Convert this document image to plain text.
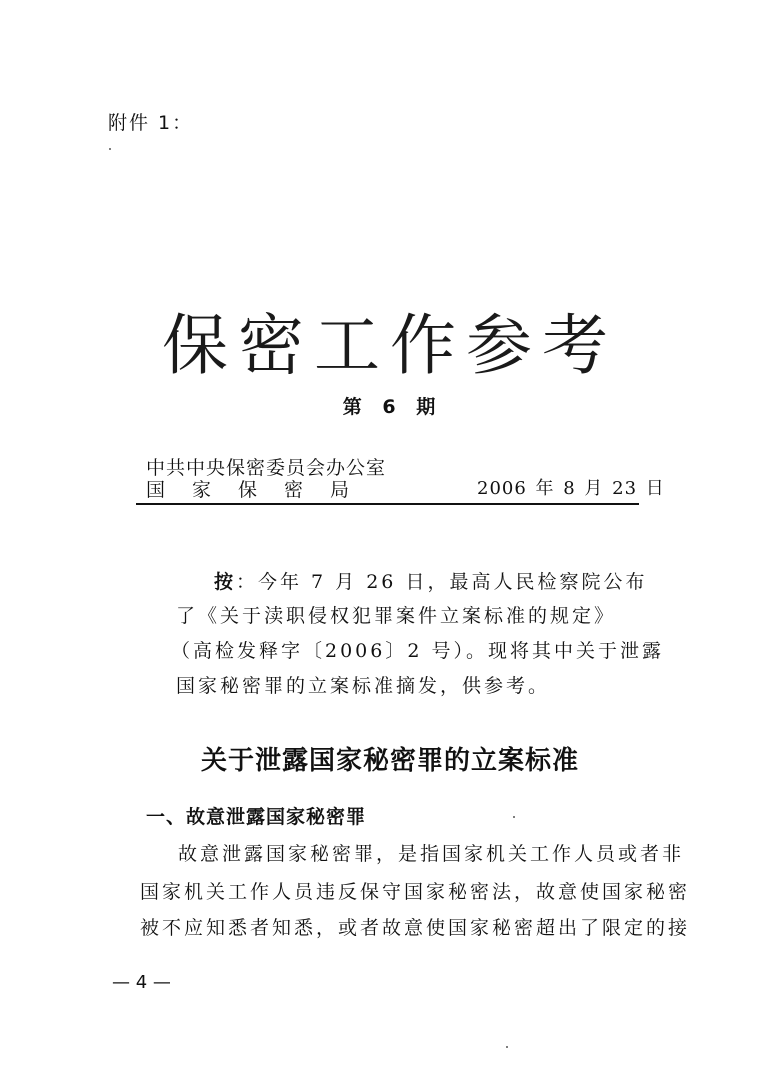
附件 1：
保密工作参考
第 6 期
中共中央保密委员会办公室
国家保密局	2006 年 8 月 23 日
按：今年 7 月 26 日，最高人民检察院公布
了《关于渎职侵权犯罪案件立案标准的规定》
（高检发释字〔2006〕2 号）。现将其中关于泄露
国家秘密罪的立案标准摘发，供参考。
关于泄露国家秘密罪的立案标准
一、故意泄露国家秘密罪
故意泄露国家秘密罪，是指国家机关工作人员或者非
国家机关工作人员违反保守国家秘密法，故意使国家秘密
被不应知悉者知悉，或者故意使国家秘密超出了限定的接
— 4 —
